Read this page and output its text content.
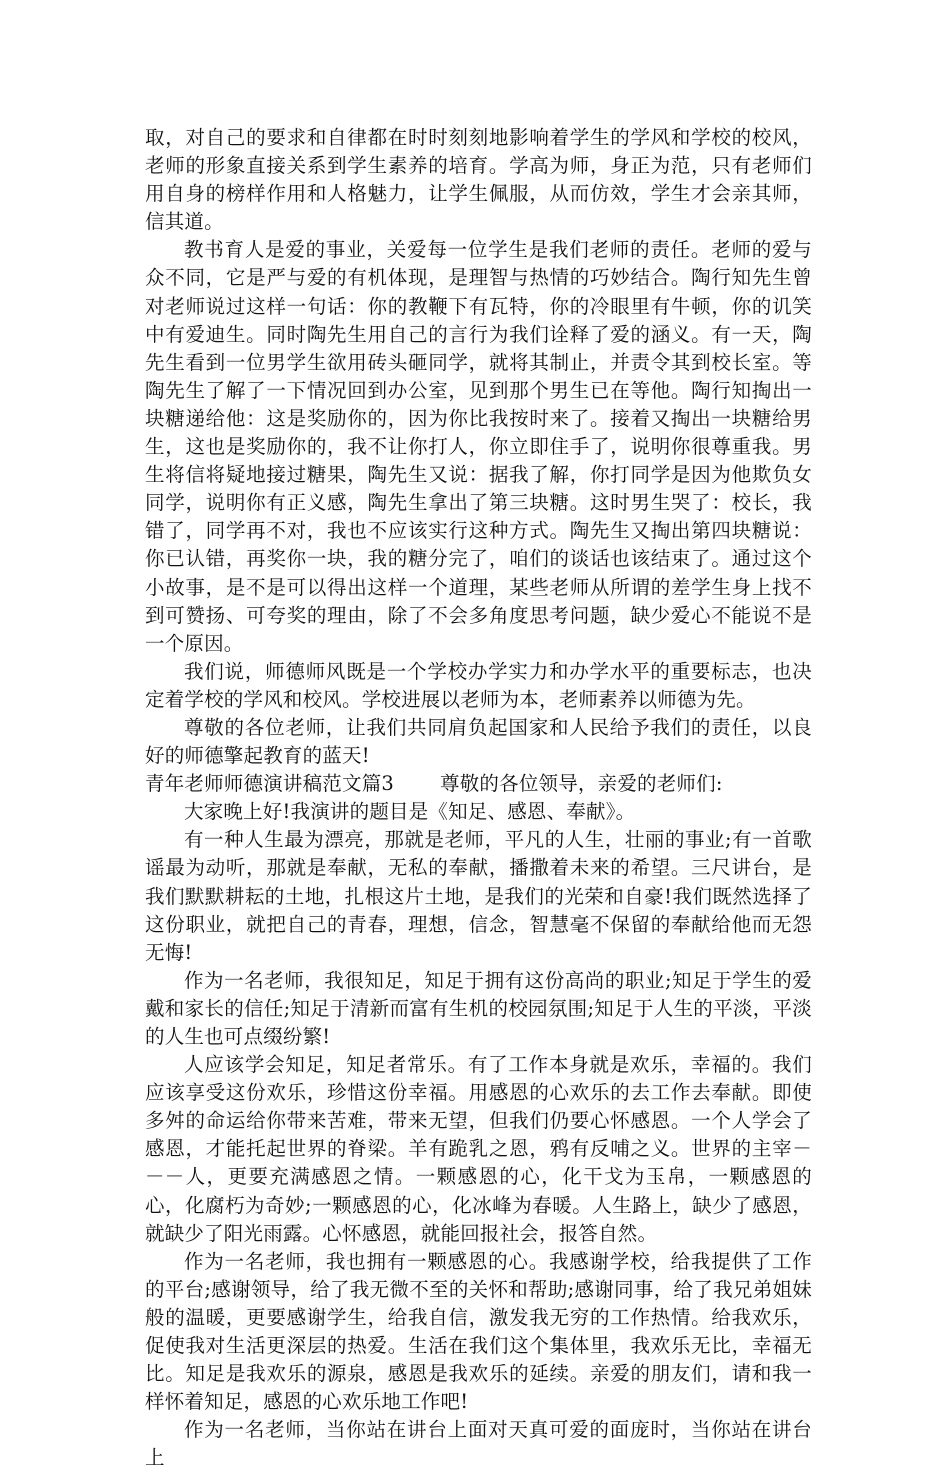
取，对自己的要求和自律都在时时刻刻地影响着学生的学风和学校的校风，老师的形象直接关系到学生素养的培育。学高为师，身正为范，只有老师们用自身的榜样作用和人格魅力，让学生佩服，从而仿效，学生才会亲其师，信其道。

教书育人是爱的事业，关爱每一位学生是我们老师的责任。老师的爱与众不同，它是严与爱的有机体现，是理智与热情的巧妙结合。陶行知先生曾对老师说过这样一句话：你的教鞭下有瓦特，你的冷眼里有牛顿，你的讥笑中有爱迪生。同时陶先生用自己的言行为我们诠释了爱的涵义。有一天，陶先生看到一位男学生欲用砖头砸同学，就将其制止，并责令其到校长室。等陶先生了解了一下情况回到办公室，见到那个男生已在等他。陶行知掏出一块糖递给他：这是奖励你的，因为你比我按时来了。接着又掏出一块糖给男生，这也是奖励你的，我不让你打人，你立即住手了，说明你很尊重我。男生将信将疑地接过糖果，陶先生又说：据我了解，你打同学是因为他欺负女同学，说明你有正义感，陶先生拿出了第三块糖。这时男生哭了：校长，我错了，同学再不对，我也不应该实行这种方式。陶先生又掏出第四块糖说：你已认错，再奖你一块，我的糖分完了，咱们的谈话也该结束了。通过这个小故事，是不是可以得出这样一个道理，某些老师从所谓的差学生身上找不到可赞扬、可夸奖的理由，除了不会多角度思考问题，缺少爱心不能说不是一个原因。

我们说，师德师风既是一个学校办学实力和办学水平的重要标志，也决定着学校的学风和校风。学校进展以老师为本，老师素养以师德为先。

尊敬的各位老师，让我们共同肩负起国家和人民给予我们的责任，以良好的师德擎起教育的蓝天!

青年老师师德演讲稿范文篇3 尊敬的各位领导，亲爱的老师们:

大家晚上好!我演讲的题目是《知足、感恩、奉献》。

有一种人生最为漂亮，那就是老师，平凡的人生，壮丽的事业;有一首歌谣最为动听，那就是奉献，无私的奉献，播撒着未来的希望。三尺讲台，是我们默默耕耘的土地，扎根这片土地，是我们的光荣和自豪!我们既然选择了这份职业，就把自己的青春，理想，信念，智慧毫不保留的奉献给他而无怨无悔!

作为一名老师，我很知足，知足于拥有这份高尚的职业;知足于学生的爱戴和家长的信任;知足于清新而富有生机的校园氛围;知足于人生的平淡，平淡的人生也可点缀纷繁!

人应该学会知足，知足者常乐。有了工作本身就是欢乐，幸福的。我们应该享受这份欢乐，珍惜这份幸福。用感恩的心欢乐的去工作去奉献。即使多舛的命运给你带来苦难，带来无望，但我们仍要心怀感恩。一个人学会了感恩，才能托起世界的脊梁。羊有跪乳之恩，鸦有反哺之义。世界的主宰－－－人，更要充满感恩之情。一颗感恩的心，化干戈为玉帛，一颗感恩的心，化腐朽为奇妙;一颗感恩的心，化冰峰为春暖。人生路上，缺少了感恩，就缺少了阳光雨露。心怀感恩，就能回报社会，报答自然。

作为一名老师，我也拥有一颗感恩的心。我感谢学校，给我提供了工作的平台;感谢领导，给了我无微不至的关怀和帮助;感谢同事，给了我兄弟姐妹般的温暖，更要感谢学生，给我自信，激发我无穷的工作热情。给我欢乐，促使我对生活更深层的热爱。生活在我们这个集体里，我欢乐无比，幸福无比。知足是我欢乐的源泉，感恩是我欢乐的延续。亲爱的朋友们，请和我一样怀着知足，感恩的心欢乐地工作吧!

作为一名老师，当你站在讲台上面对天真可爱的面庞时，当你站在讲台上
